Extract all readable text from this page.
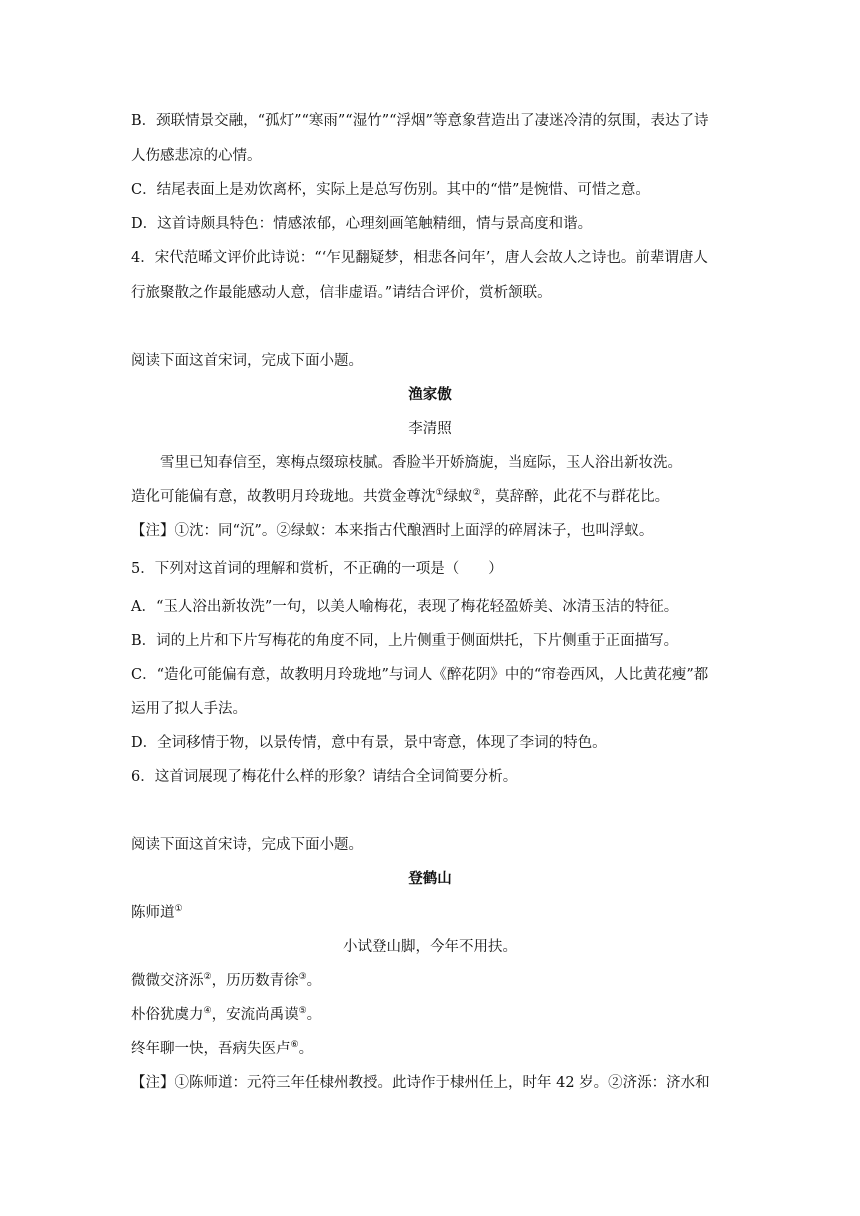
B．颈联情景交融，“孤灯”“寒雨”“湿竹”“浮烟”等意象营造出了凄迷冷清的氛围，表达了诗
人伤感悲凉的心情。
C．结尾表面上是劝饮离杯，实际上是总写伤别。其中的“惜”是惋惜、可惜之意。
D．这首诗颇具特色：情感浓郁，心理刻画笔触精细，情与景高度和谐。
4．宋代范晞文评价此诗说：“‘乍见翻疑梦，相悲各问年’，唐人会故人之诗也。前辈谓唐人
行旅聚散之作最能感动人意，信非虚语。”请结合评价，赏析颔联。
阅读下面这首宋词，完成下面小题。
渔家傲
李清照
雪里已知春信至，寒梅点缀琼枝腻。香脸半开娇旖旎，当庭际，玉人浴出新妆洗。
造化可能偏有意，故教明月玲珑地。共赏金尊沈①绿蚁②，莫辞醉，此花不与群花比。
【注】①沈：同“沉”。②绿蚁：本来指古代酿酒时上面浮的碎屑沫子，也叫浮蚁。
5．下列对这首词的理解和赏析，不正确的一项是（　　）
A．“玉人浴出新妆洗”一句，以美人喻梅花，表现了梅花轻盈娇美、冰清玉洁的特征。
B．词的上片和下片写梅花的角度不同，上片侧重于侧面烘托，下片侧重于正面描写。
C．“造化可能偏有意，故教明月玲珑地”与词人《醉花阴》中的“帘卷西风，人比黄花瘦”都
运用了拟人手法。
D．全词移情于物，以景传情，意中有景，景中寄意，体现了李词的特色。
6．这首词展现了梅花什么样的形象？请结合全词简要分析。
阅读下面这首宋诗，完成下面小题。
登鹤山
陈师道①
小试登山脚，今年不用扶。
微微交济泺②，历历数青徐③。
朴俗犹虞力④，安流尚禹谟⑤。
终年聊一快，吾病失医卢⑥。
【注】①陈师道：元符三年任棣州教授。此诗作于棣州任上，时年 42 岁。②济泺：济水和
